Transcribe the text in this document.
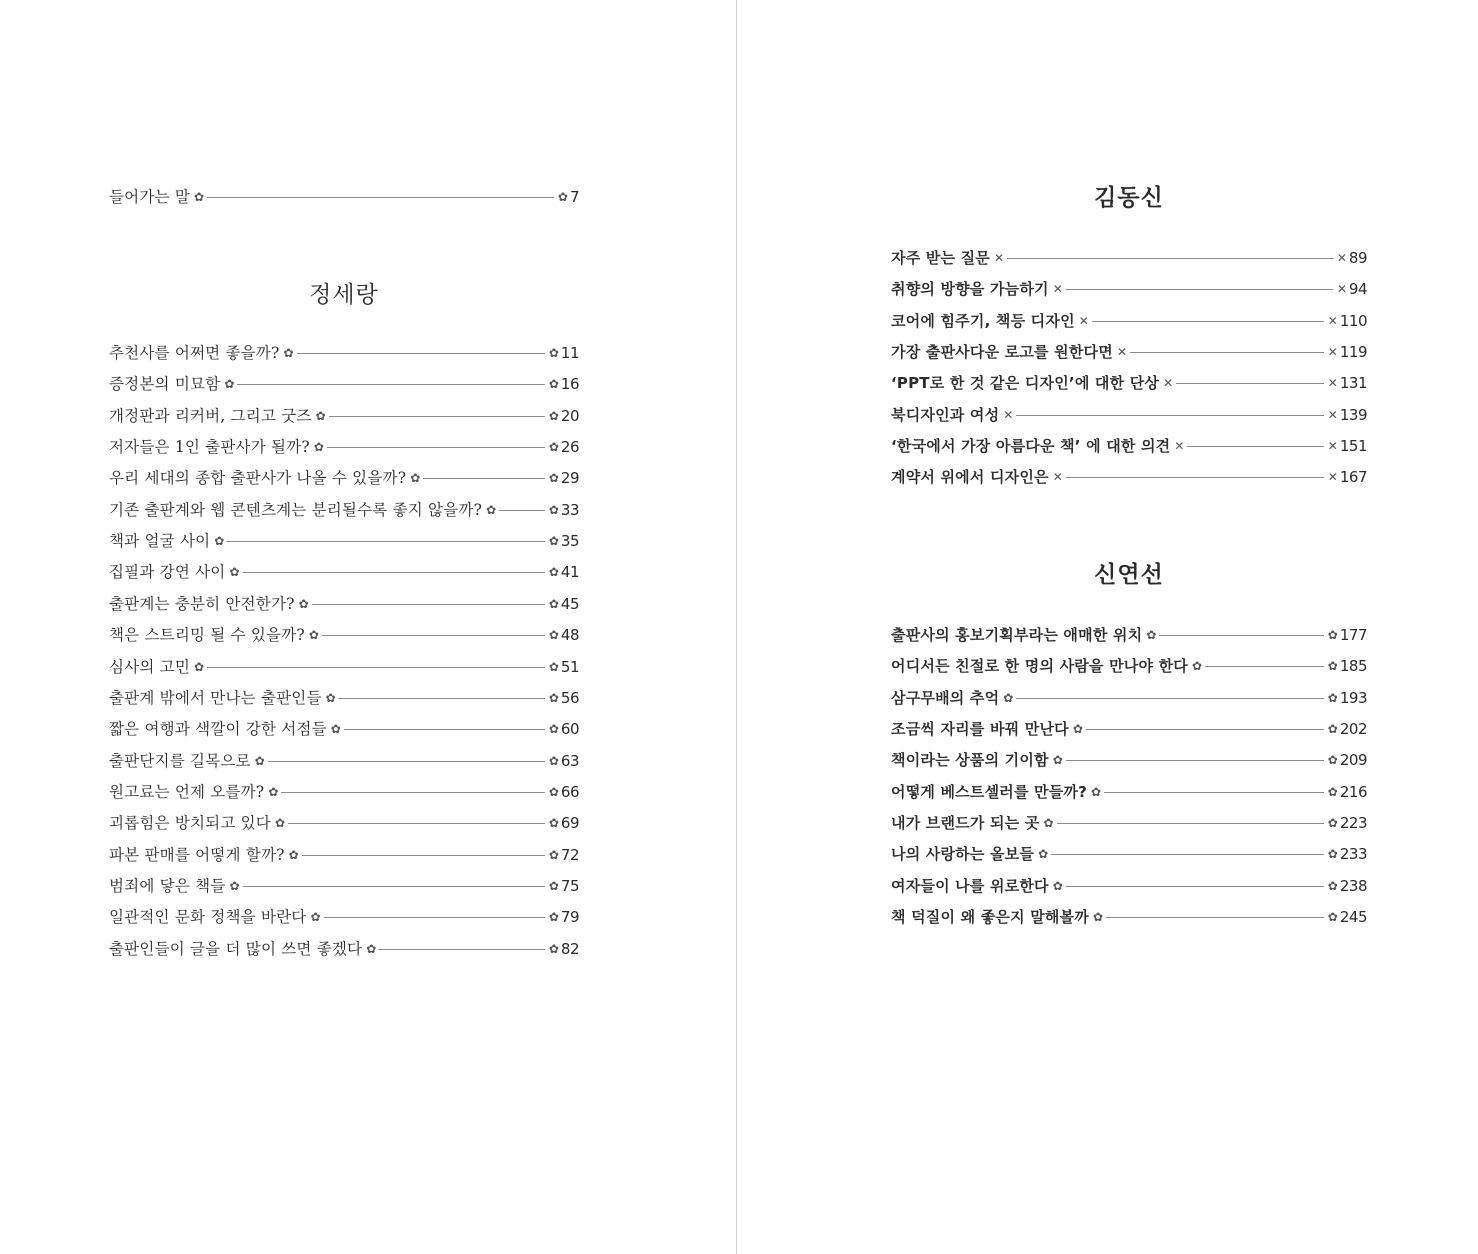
들어가는 말 ✿	✿ 7
정세랑
추천사를 어쩌면 좋을까? ✿	✿ 11
증정본의 미묘함 ✿	✿ 16
개정판과 리커버, 그리고 굿즈 ✿	✿ 20
저자들은 1인 출판사가 될까? ✿	✿ 26
우리 세대의 종합 출판사가 나올 수 있을까? ✿	✿ 29
기존 출판계와 웹 콘텐츠계는 분리될수록 좋지 않을까? ✿	✿ 33
책과 얼굴 사이 ✿	✿ 35
집필과 강연 사이 ✿	✿ 41
출판계는 충분히 안전한가? ✿	✿ 45
책은 스트리밍 될 수 있을까? ✿	✿ 48
심사의 고민 ✿	✿ 51
출판계 밖에서 만나는 출판인들 ✿	✿ 56
짧은 여행과 색깔이 강한 서점들 ✿	✿ 60
출판단지를 길목으로 ✿	✿ 63
원고료는 언제 오를까? ✿	✿ 66
괴롭힘은 방치되고 있다 ✿	✿ 69
파본 판매를 어떻게 할까? ✿	✿ 72
범죄에 닿은 책들 ✿	✿ 75
일관적인 문화 정책을 바란다 ✿	✿ 79
출판인들이 글을 더 많이 쓰면 좋겠다 ✿	✿ 82
김동신
자주 받는 질문 ✕	✕ 89
취향의 방향을 가늠하기 ✕	✕ 94
코어에 힘주기, 책등 디자인 ✕	✕ 110
가장 출판사다운 로고를 원한다면 ✕	✕ 119
‘PPT로 한 것 같은 디자인’에 대한 단상 ✕	✕ 131
북디자인과 여성 ✕	✕ 139
‘한국에서 가장 아름다운 책’ 에 대한 의견 ✕	✕ 151
계약서 위에서 디자인은 ✕	✕ 167
신연선
출판사의 홍보기획부라는 애매한 위치 ✿	✿ 177
어디서든 친절로 한 명의 사람을 만나야 한다 ✿	✿ 185
삼구무배의 추억 ✿	✿ 193
조금씩 자리를 바꿔 만난다 ✿	✿ 202
책이라는 상품의 기이함 ✿	✿ 209
어떻게 베스트셀러를 만들까? ✿	✿ 216
내가 브랜드가 되는 곳 ✿	✿ 223
나의 사랑하는 올보들 ✿	✿ 233
여자들이 나를 위로한다 ✿	✿ 238
책 덕질이 왜 좋은지 말해볼까 ✿	✿ 245
